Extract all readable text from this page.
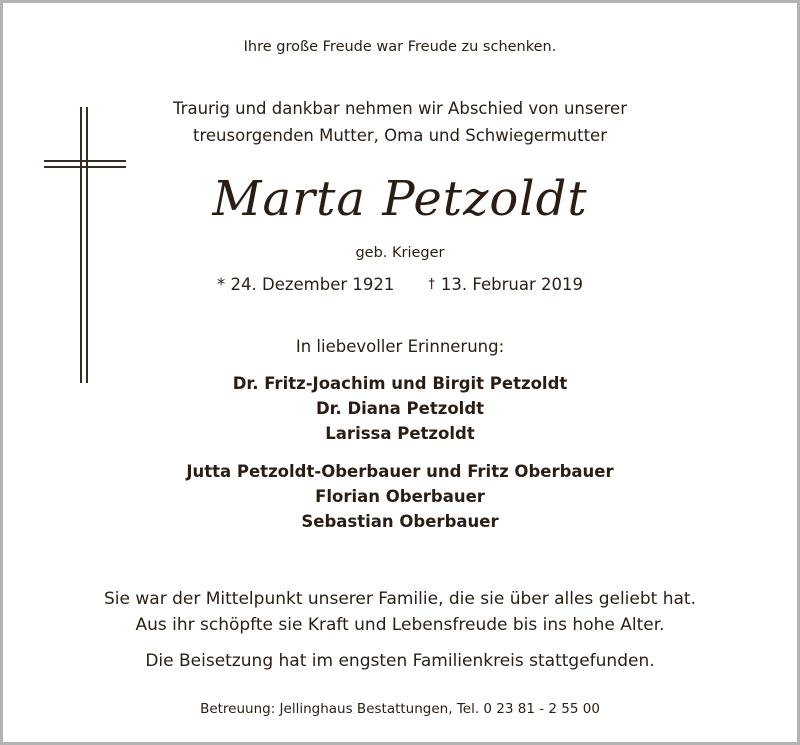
Ihre große Freude war Freude zu schenken.
Traurig und dankbar nehmen wir Abschied von unserer
treusorgenden Mutter, Oma und Schwiegermutter
Marta Petzoldt
geb. Krieger
* 24. Dezember 1921	† 13. Februar 2019
In liebevoller Erinnerung:
Dr. Fritz-Joachim und Birgit Petzoldt
Dr. Diana Petzoldt
Larissa Petzoldt
Jutta Petzoldt-Oberbauer und Fritz Oberbauer
Florian Oberbauer
Sebastian Oberbauer
Sie war der Mittelpunkt unserer Familie, die sie über alles geliebt hat.
Aus ihr schöpfte sie Kraft und Lebensfreude bis ins hohe Alter.
Die Beisetzung hat im engsten Familienkreis stattgefunden.
Betreuung: Jellinghaus Bestattungen, Tel. 0 23 81 - 2 55 00
